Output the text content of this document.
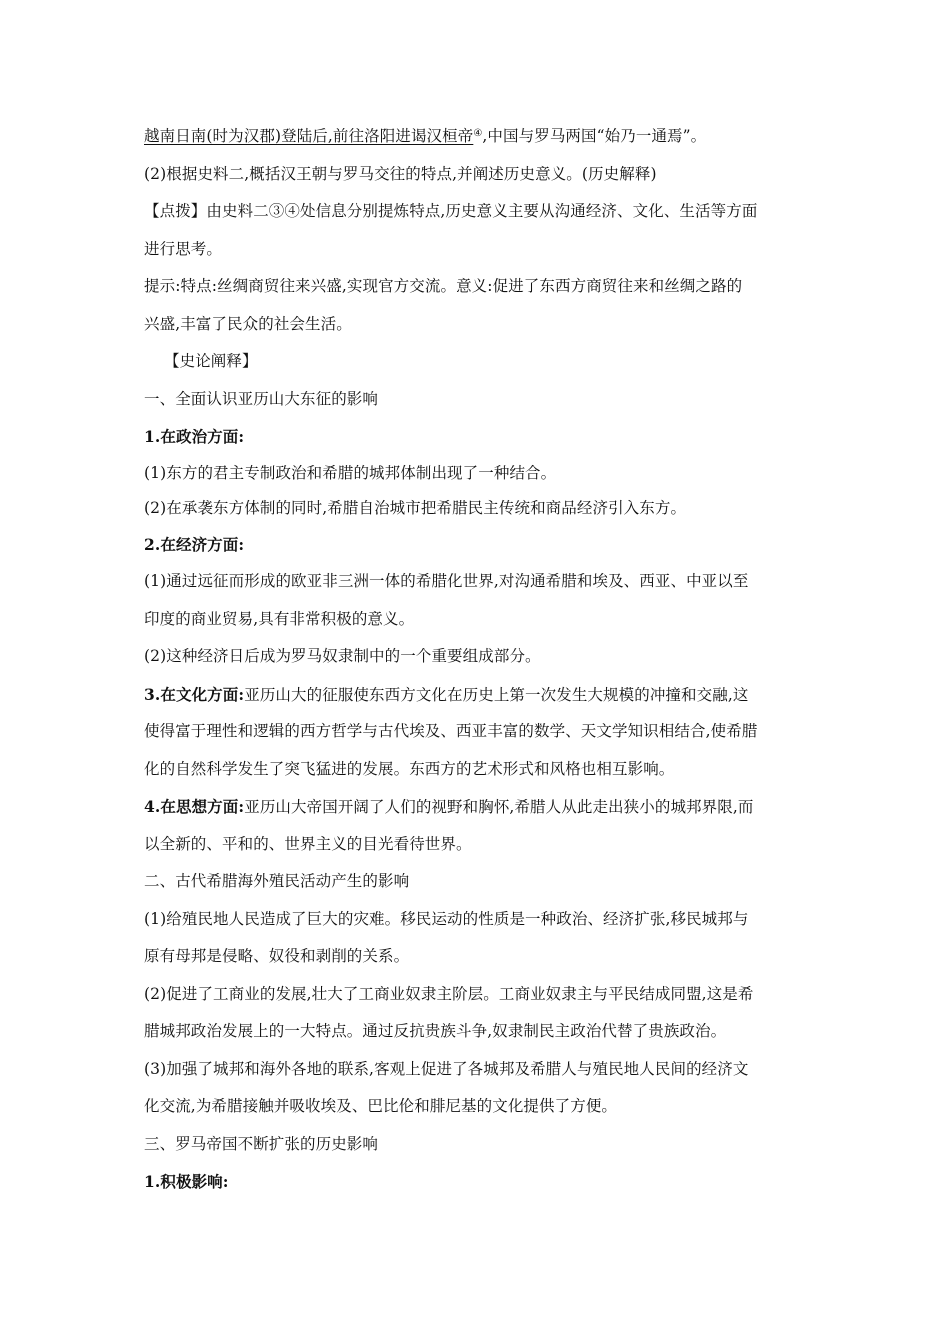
越南日南(时为汉郡)登陆后,前往洛阳进谒汉桓帝④,中国与罗马两国“始乃一通焉”。
(2)根据史料二,概括汉王朝与罗马交往的特点,并阐述历史意义。(历史解释)
【点拨】由史料二③④处信息分别提炼特点,历史意义主要从沟通经济、文化、生活等方面
进行思考。
提示:特点:丝绸商贸往来兴盛,实现官方交流。意义:促进了东西方商贸往来和丝绸之路的
兴盛,丰富了民众的社会生活。
【史论阐释】
一、全面认识亚历山大东征的影响
1.在政治方面:
(1)东方的君主专制政治和希腊的城邦体制出现了一种结合。
(2)在承袭东方体制的同时,希腊自治城市把希腊民主传统和商品经济引入东方。
2.在经济方面:
(1)通过远征而形成的欧亚非三洲一体的希腊化世界,对沟通希腊和埃及、西亚、中亚以至
印度的商业贸易,具有非常积极的意义。
(2)这种经济日后成为罗马奴隶制中的一个重要组成部分。
3.在文化方面:亚历山大的征服使东西方文化在历史上第一次发生大规模的冲撞和交融,这
使得富于理性和逻辑的西方哲学与古代埃及、西亚丰富的数学、天文学知识相结合,使希腊
化的自然科学发生了突飞猛进的发展。东西方的艺术形式和风格也相互影响。
4.在思想方面:亚历山大帝国开阔了人们的视野和胸怀,希腊人从此走出狭小的城邦界限,而
以全新的、平和的、世界主义的目光看待世界。
二、古代希腊海外殖民活动产生的影响
(1)给殖民地人民造成了巨大的灾难。移民运动的性质是一种政治、经济扩张,移民城邦与
原有母邦是侵略、奴役和剥削的关系。
(2)促进了工商业的发展,壮大了工商业奴隶主阶层。工商业奴隶主与平民结成同盟,这是希
腊城邦政治发展上的一大特点。通过反抗贵族斗争,奴隶制民主政治代替了贵族政治。
(3)加强了城邦和海外各地的联系,客观上促进了各城邦及希腊人与殖民地人民间的经济文
化交流,为希腊接触并吸收埃及、巴比伦和腓尼基的文化提供了方便。
三、罗马帝国不断扩张的历史影响
1.积极影响:
